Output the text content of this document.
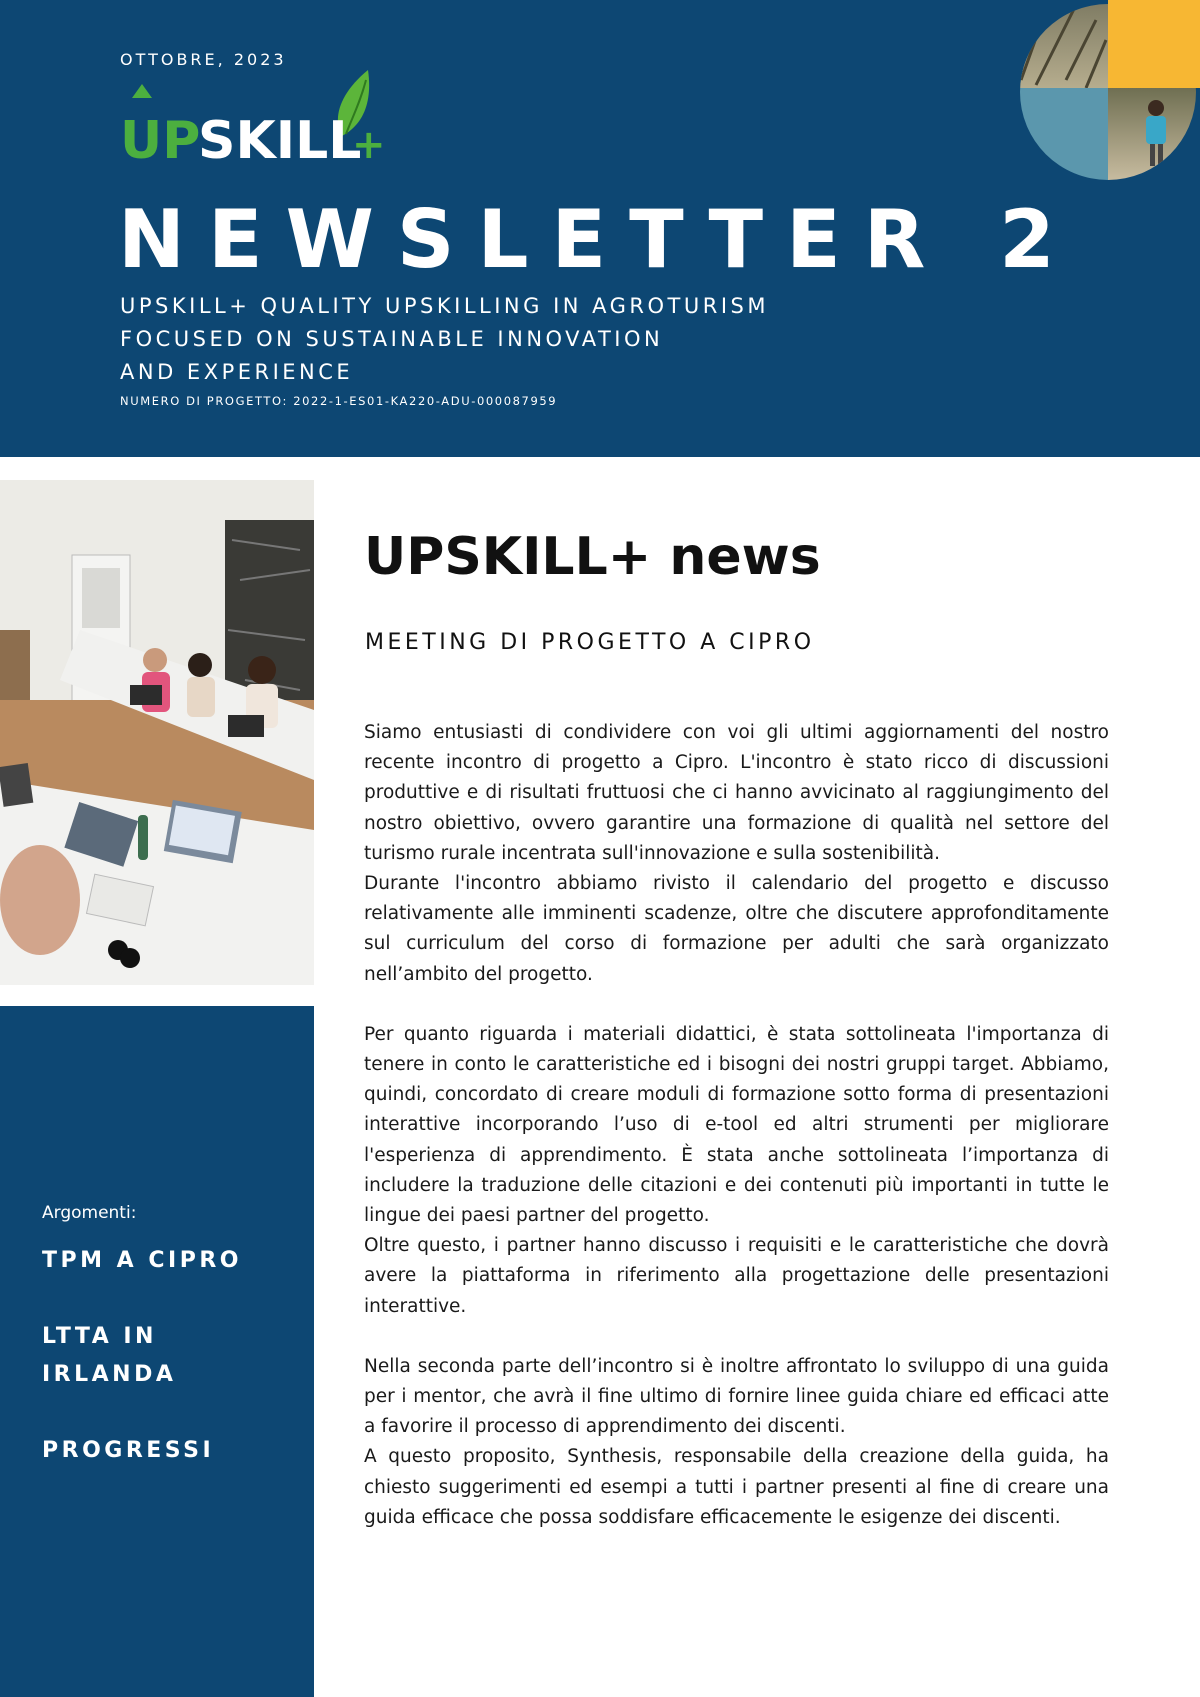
OTTOBRE, 2023
UP
SKILL
+
NEWSLETTER 2
UPSKILL+ QUALITY UPSKILLING IN AGROTURISM
FOCUSED ON SUSTAINABLE INNOVATION
AND EXPERIENCE
NUMERO DI PROGETTO: 2022-1-ES01-KA220-ADU-000087959
Argomenti:
TPM A CIPRO
LTTA IN
IRLANDA
PROGRESSI
UPSKILL+ news
MEETING DI PROGETTO A CIPRO

Siamo entusiasti di condividere con voi gli ultimi aggiornamenti del nostro recente incontro di progetto a Cipro. L'incontro è stato ricco di discussioni produttive e di risultati fruttuosi che ci hanno avvicinato al raggiungimento del nostro obiettivo, ovvero garantire una formazione di qualità nel settore del turismo rurale incentrata sull'innovazione e sulla sostenibilità.

Durante l'incontro abbiamo rivisto il calendario del progetto e discusso relativamente alle imminenti scadenze, oltre che discutere approfonditamente sul curriculum del corso di formazione per adulti che sarà organizzato nell’ambito del progetto.

Per quanto riguarda i materiali didattici, è stata sottolineata l'importanza di tenere in conto le caratteristiche ed i bisogni dei nostri gruppi target. Abbiamo, quindi, concordato di creare moduli di formazione sotto forma di presentazioni interattive incorporando l’uso di e-tool ed altri strumenti per migliorare l'esperienza di apprendimento. È stata anche sottolineata l’importanza di includere la traduzione delle citazioni e dei contenuti più importanti in tutte le lingue dei paesi partner del progetto.

Oltre questo, i partner hanno discusso i requisiti e le caratteristiche che dovrà avere la piattaforma in riferimento alla progettazione delle presentazioni interattive.

Nella seconda parte dell’incontro si è inoltre affrontato lo sviluppo di una guida per i mentor, che avrà il fine ultimo di fornire linee guida chiare ed efficaci atte a favorire il processo di apprendimento dei discenti.

A questo proposito, Synthesis, responsabile della creazione della guida, ha chiesto suggerimenti ed esempi a tutti i partner presenti al fine di creare una guida efficace che possa soddisfare efficacemente le esigenze dei discenti.
